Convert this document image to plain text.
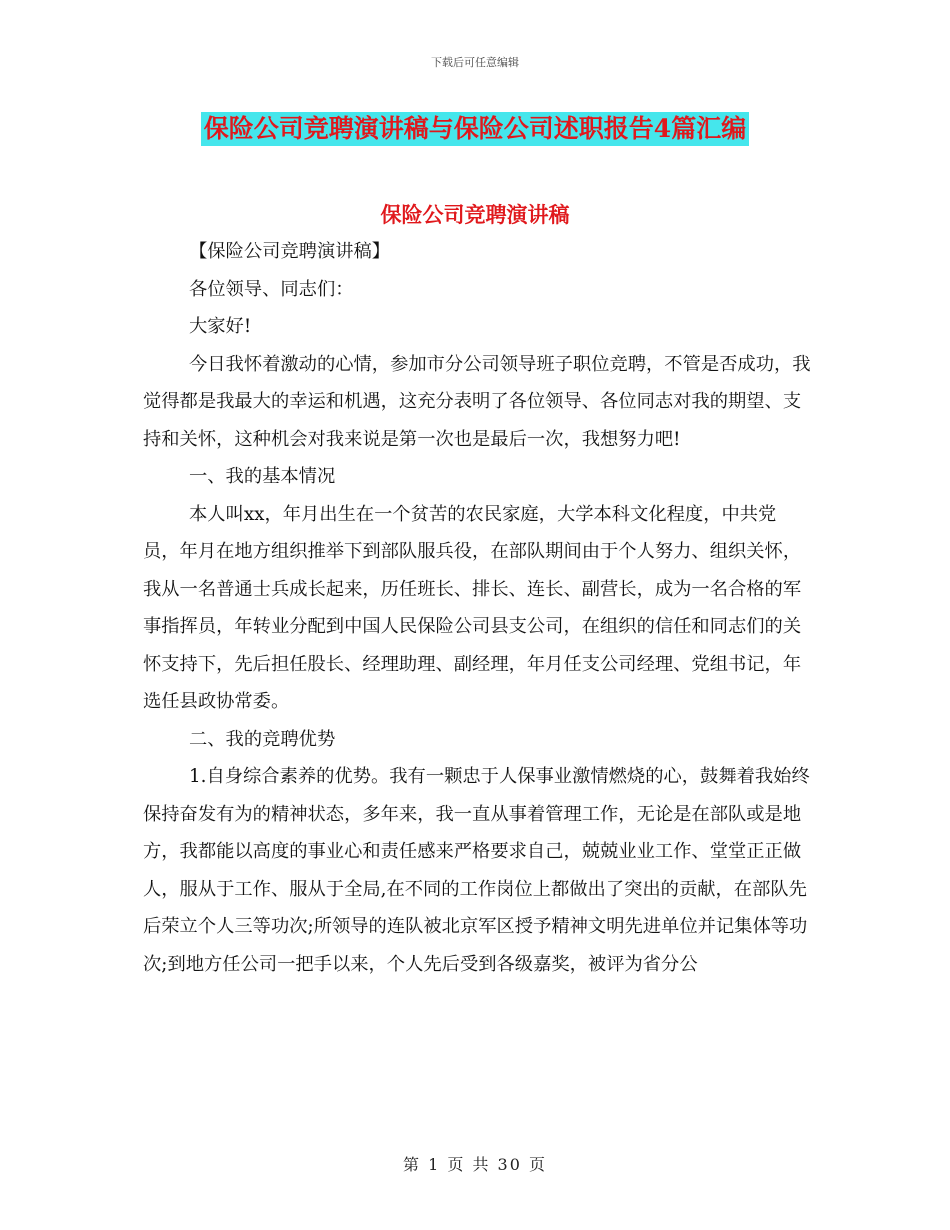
下载后可任意编辑
保险公司竞聘演讲稿与保险公司述职报告4篇汇编
保险公司竞聘演讲稿

【保险公司竞聘演讲稿】

各位领导、同志们：

大家好!

今日我怀着激动的心情，参加市分公司领导班子职位竞聘，不管是否成功，我觉得都是我最大的幸运和机遇，这充分表明了各位领导、各位同志对我的期望、支持和关怀，这种机会对我来说是第一次也是最后一次，我想努力吧!

一、我的基本情况

本人叫xx，年月出生在一个贫苦的农民家庭，大学本科文化程度，中共党员，年月在地方组织推举下到部队服兵役，在部队期间由于个人努力、组织关怀，我从一名普通士兵成长起来，历任班长、排长、连长、副营长，成为一名合格的军事指挥员，年转业分配到中国人民保险公司县支公司，在组织的信任和同志们的关怀支持下，先后担任股长、经理助理、副经理，年月任支公司经理、党组书记，年选任县政协常委。

二、我的竞聘优势

1.自身综合素养的优势。我有一颗忠于人保事业激情燃烧的心，鼓舞着我始终保持奋发有为的精神状态，多年来，我一直从事着管理工作，无论是在部队或是地方，我都能以高度的事业心和责任感来严格要求自己，兢兢业业工作、堂堂正正做人，服从于工作、服从于全局,在不同的工作岗位上都做出了突出的贡献，在部队先后荣立个人三等功次;所领导的连队被北京军区授予精神文明先进单位并记集体等功次;到地方任公司一把手以来，个人先后受到各级嘉奖，被评为省分公

第 1 页 共 30 页
